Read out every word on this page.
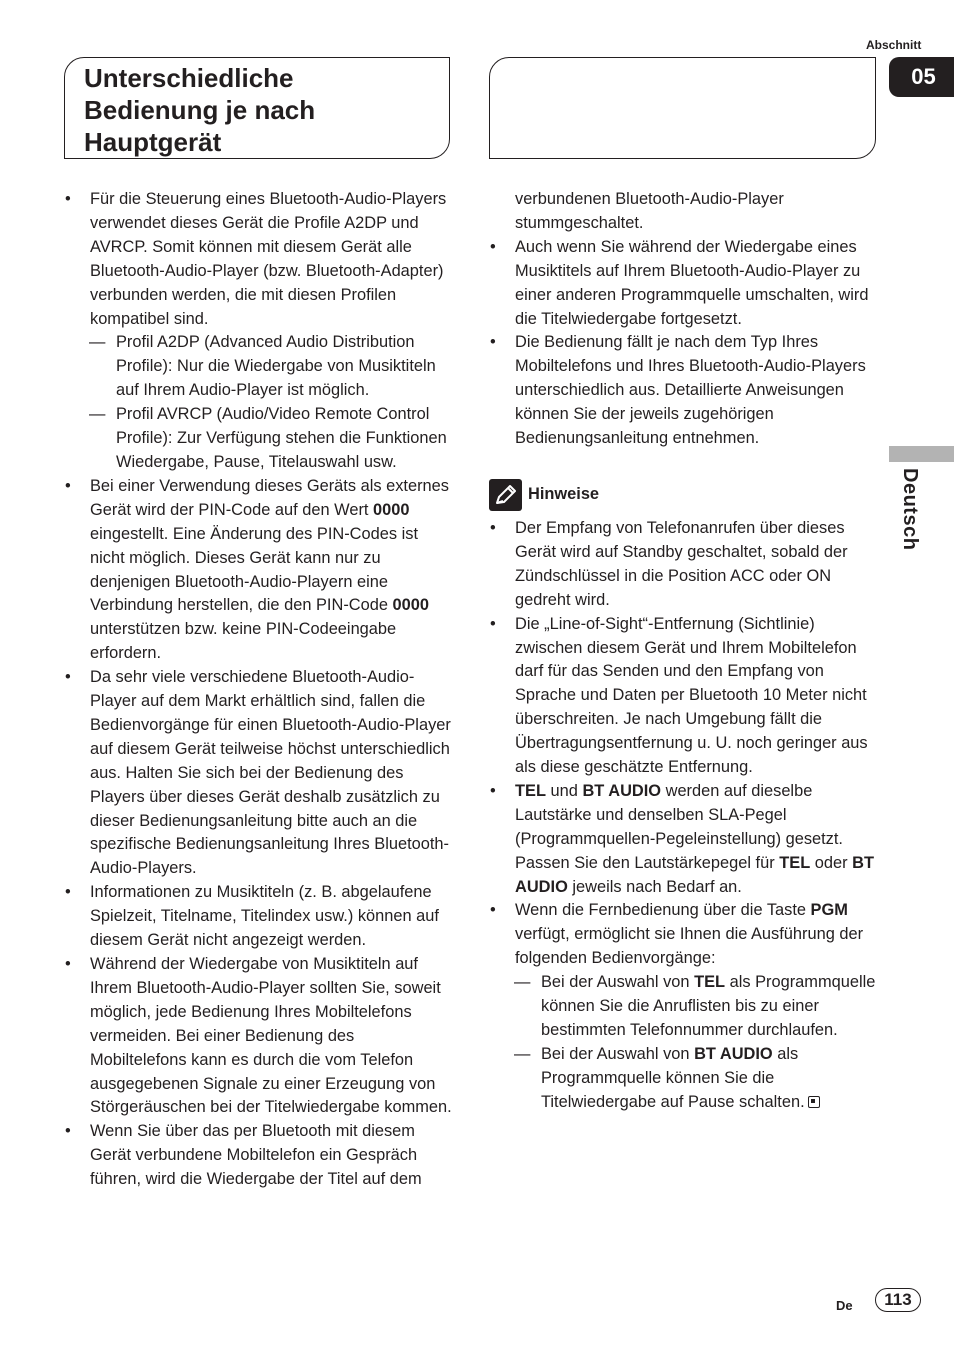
Abschnitt
05
Unterschiedliche
Bedienung je nach
Hauptgerät
Deutsch
• Für die Steuerung eines Bluetooth-Audio-Players verwendet dieses Gerät die Profile A2DP und AVRCP. Somit können mit diesem Gerät alle Bluetooth-Audio-Player (bzw. Bluetooth-Adapter) verbunden werden, die mit diesen Profilen kompatibel sind.
— Profil A2DP (Advanced Audio Distribution Profile): Nur die Wiedergabe von Musiktiteln auf Ihrem Audio-Player ist möglich.
— Profil AVRCP (Audio/Video Remote Control Profile): Zur Verfügung stehen die Funktionen Wiedergabe, Pause, Titelauswahl usw.
• Bei einer Verwendung dieses Geräts als externes Gerät wird der PIN-Code auf den Wert 0000 eingestellt. Eine Änderung des PIN-Codes ist nicht möglich. Dieses Gerät kann nur zu denjenigen Bluetooth-Audio-Playern eine Verbindung herstellen, die den PIN-Code 0000 unterstützen bzw. keine PIN-Codeeingabe erfordern.
• Da sehr viele verschiedene Bluetooth-Audio-Player auf dem Markt erhältlich sind, fallen die Bedienvorgänge für einen Bluetooth-Audio-Player auf diesem Gerät teilweise höchst unterschiedlich aus. Halten Sie sich bei der Bedienung des Players über dieses Gerät deshalb zusätzlich zu dieser Bedienungsanleitung bitte auch an die spezifische Bedienungsanleitung Ihres Bluetooth-Audio-Players.
• Informationen zu Musiktiteln (z. B. abgelaufene Spielzeit, Titelname, Titelindex usw.) können auf diesem Gerät nicht angezeigt werden.
• Während der Wiedergabe von Musiktiteln auf Ihrem Bluetooth-Audio-Player sollten Sie, soweit möglich, jede Bedienung Ihres Mobiltelefons vermeiden. Bei einer Bedienung des Mobiltelefons kann es durch die vom Telefon ausgegebenen Signale zu einer Erzeugung von Störgeräuschen bei der Titelwiedergabe kommen.
• Wenn Sie über das per Bluetooth mit diesem Gerät verbundene Mobiltelefon ein Gespräch führen, wird die Wiedergabe der Titel auf dem
verbundenen Bluetooth-Audio-Player stummgeschaltet.
• Auch wenn Sie während der Wiedergabe eines Musiktitels auf Ihrem Bluetooth-Audio-Player zu einer anderen Programmquelle umschalten, wird die Titelwiedergabe fortgesetzt.
• Die Bedienung fällt je nach dem Typ Ihres Mobiltelefons und Ihres Bluetooth-Audio-Players unterschiedlich aus. Detaillierte Anweisungen können Sie der jeweils zugehörigen Bedienungsanleitung entnehmen.
Hinweise
• Der Empfang von Telefonanrufen über dieses Gerät wird auf Standby geschaltet, sobald der Zündschlüssel in die Position ACC oder ON gedreht wird.
• Die „Line-of-Sight“-Entfernung (Sichtlinie) zwischen diesem Gerät und Ihrem Mobiltelefon darf für das Senden und den Empfang von Sprache und Daten per Bluetooth 10 Meter nicht überschreiten. Je nach Umgebung fällt die Übertragungsentfernung u. U. noch geringer aus als diese geschätzte Entfernung.
• TEL und BT AUDIO werden auf dieselbe Lautstärke und denselben SLA-Pegel (Programmquellen-Pegeleinstellung) gesetzt. Passen Sie den Lautstärkepegel für TEL oder BT AUDIO jeweils nach Bedarf an.
• Wenn die Fernbedienung über die Taste PGM verfügt, ermöglicht sie Ihnen die Ausführung der folgenden Bedienvorgänge:
— Bei der Auswahl von TEL als Programmquelle können Sie die Anruflisten bis zu einer bestimmten Telefonnummer durchlaufen.
— Bei der Auswahl von BT AUDIO als Programmquelle können Sie die Titelwiedergabe auf Pause schalten.
De	113
